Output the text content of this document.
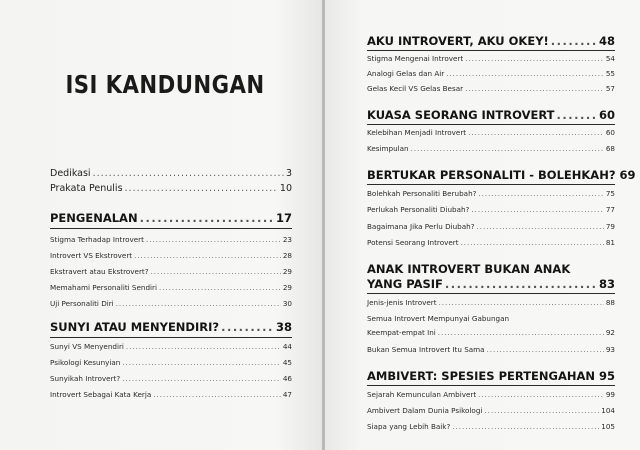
ISI KANDUNGAN
Dedikasi .....	3
Prakata Penulis .....	10
PENGENALAN .....	17
Stigma Terhadap Introvert .....	23
Introvert VS Ekstrovert .....	28
Ekstravert atau Ekstrovert? .....	29
Memahami Personaliti Sendiri .....	29
Uji Personaliti Diri .....	30
SUNYI ATAU MENYENDIRI? .....	38
Sunyi VS Menyendiri .....	44
Psikologi Kesunyian .....	45
Sunyikah Introvert? .....	46
Introvert Sebagai Kata Kerja .....	47
AKU INTROVERT, AKU OKEY! .....	48
Stigma Mengenai Introvert .....	54
Analogi Gelas dan Air .....	55
Gelas Kecil VS Gelas Besar .....	57
KUASA SEORANG INTROVERT .....	60
Kelebihan Menjadi Introvert .....	60
Kesimpulan .....	68
BERTUKAR PERSONALITI - BOLEHKAH? 69
Bolehkah Personaliti Berubah? .....	75
Perlukah Personaliti Diubah? .....	77
Bagaimana Jika Perlu Diubah? .....	79
Potensi Seorang Introvert .....	81
ANAK INTROVERT BUKAN ANAK
YANG PASIF .....	83
Jenis-jenis Introvert .....	88
Semua Introvert Mempunyai Gabungan
Keempat-empat Ini .....	92
Bukan Semua Introvert Itu Sama .....	93
AMBIVERT: SPESIES PERTENGAHAN 95
Sejarah Kemunculan Ambivert .....	99
Ambivert Dalam Dunia Psikologi .....	104
Siapa yang Lebih Baik? .....	105
